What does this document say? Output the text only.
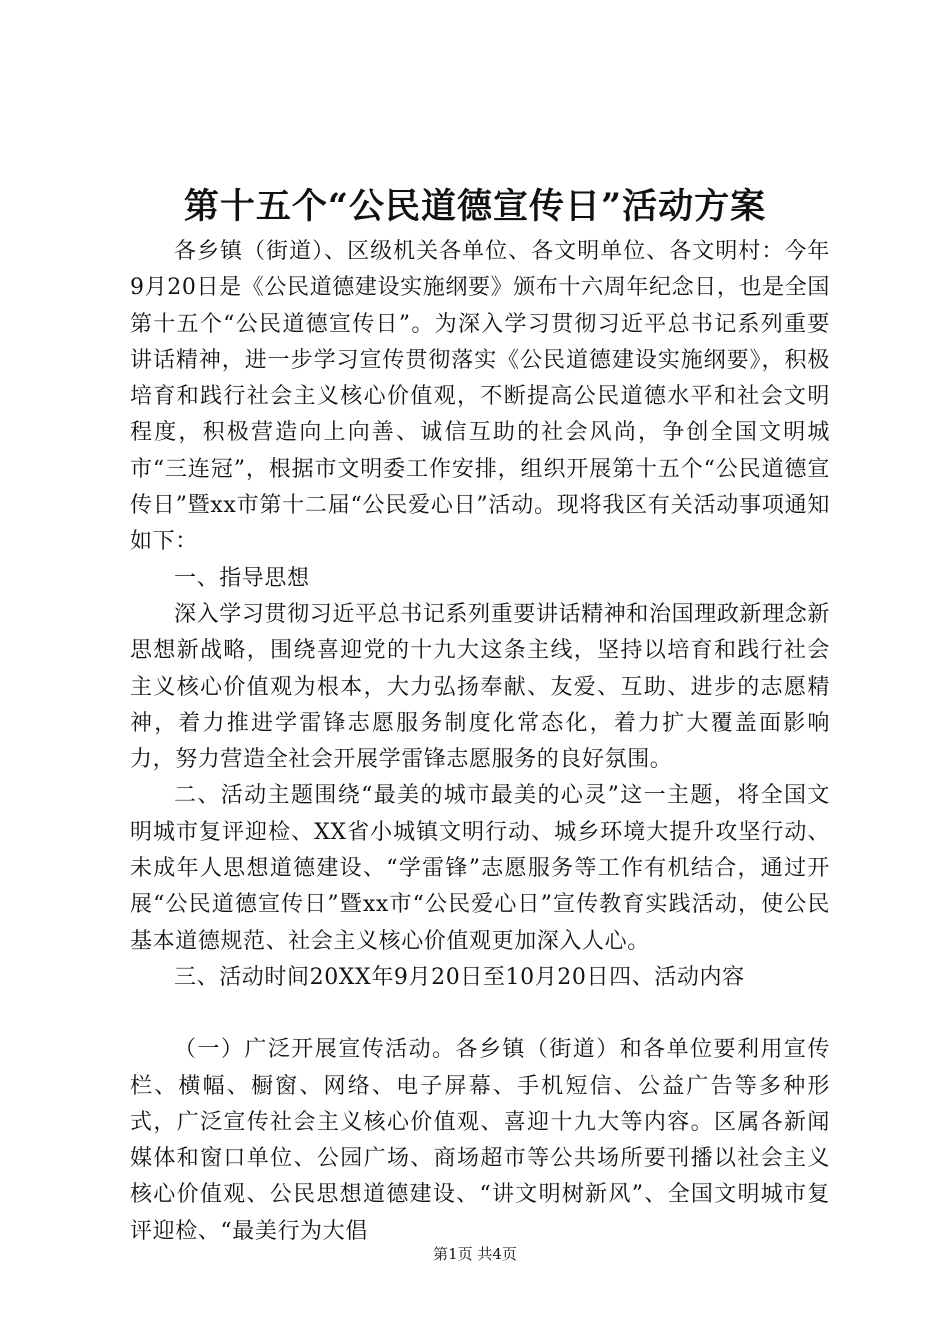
第十五个“公民道德宣传日”活动方案

各乡镇（街道）、区级机关各单位、各文明单位、各文明村：今年9月20日是《公民道德建设实施纲要》颁布十六周年纪念日，也是全国第十五个“公民道德宣传日”。为深入学习贯彻习近平总书记系列重要讲话精神，进一步学习宣传贯彻落实《公民道德建设实施纲要》，积极培育和践行社会主义核心价值观，不断提高公民道德水平和社会文明程度，积极营造向上向善、诚信互助的社会风尚，争创全国文明城市“三连冠”，根据市文明委工作安排，组织开展第十五个“公民道德宣传日”暨xx市第十二届“公民爱心日”活动。现将我区有关活动事项通知如下：

一、指导思想

深入学习贯彻习近平总书记系列重要讲话精神和治国理政新理念新思想新战略，围绕喜迎党的十九大这条主线，坚持以培育和践行社会主义核心价值观为根本，大力弘扬奉献、友爱、互助、进步的志愿精神，着力推进学雷锋志愿服务制度化常态化，着力扩大覆盖面影响力，努力营造全社会开展学雷锋志愿服务的良好氛围。

二、活动主题围绕“最美的城市最美的心灵”这一主题，将全国文明城市复评迎检、XX省小城镇文明行动、城乡环境大提升攻坚行动、未成年人思想道德建设、“学雷锋”志愿服务等工作有机结合，通过开展“公民道德宣传日”暨xx市“公民爱心日”宣传教育实践活动，使公民基本道德规范、社会主义核心价值观更加深入人心。

三、活动时间20XX年9月20日至10月20日四、活动内容

（一）广泛开展宣传活动。各乡镇（街道）和各单位要利用宣传栏、横幅、橱窗、网络、电子屏幕、手机短信、公益广告等多种形式，广泛宣传社会主义核心价值观、喜迎十九大等内容。区属各新闻媒体和窗口单位、公园广场、商场超市等公共场所要刊播以社会主义核心价值观、公民思想道德建设、“讲文明树新风”、全国文明城市复评迎检、“最美行为大倡

第1页 共4页
